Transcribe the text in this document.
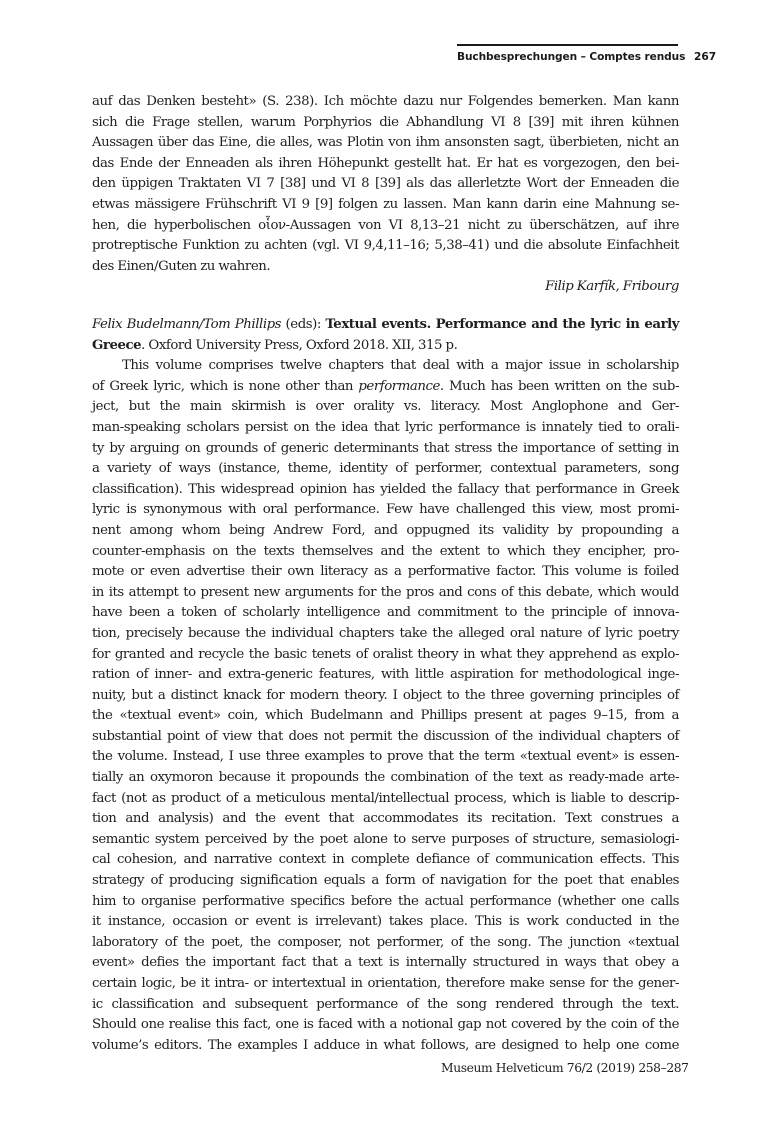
Buchbesprechungen – Comptes rendus 267
auf das Denken besteht» (S. 238). Ich möchte dazu nur Folgendes bemerken. Man kann
sich die Frage stellen, warum Porphyrios die Abhandlung VI 8 [39] mit ihren kühnen
Aussagen über das Eine, die alles, was Plotin von ihm ansonsten sagt, überbieten, nicht an
das Ende der Enneaden als ihren Höhepunkt gestellt hat. Er hat es vorgezogen, den bei-
den üppigen Traktaten VI 7 [38] und VI 8 [39] als das allerletzte Wort der Enneaden die
etwas mässigere Frühschrift VI 9 [9] folgen zu lassen. Man kann darin eine Mahnung se-
hen, die hyperbolischen οἷον-Aussagen von VI 8,13–21 nicht zu überschätzen, auf ihre
protreptische Funktion zu achten (vgl. VI 9,4,11–16; 5,38–41) und die absolute Einfachheit
des Einen/Guten zu wahren.
Filip Karfík, Fribourg
Felix Budelmann/Tom Phillips (eds): Textual events. Performance and the lyric in early
Greece. Oxford University Press, Oxford 2018. XII, 315 p.
This volume comprises twelve chapters that deal with a major issue in scholarship
of Greek lyric, which is none other than performance. Much has been written on the sub-
ject, but the main skirmish is over orality vs. literacy. Most Anglophone and Ger-
man-speaking scholars persist on the idea that lyric performance is innately tied to orali-
ty by arguing on grounds of generic determinants that stress the importance of setting in
a variety of ways (instance, theme, identity of performer, contextual parameters, song
classification). This widespread opinion has yielded the fallacy that performance in Greek
lyric is synonymous with oral performance. Few have challenged this view, most promi-
nent among whom being Andrew Ford, and oppugned its validity by propounding a
counter-emphasis on the texts themselves and the extent to which they encipher, pro-
mote or even advertise their own literacy as a performative factor. This volume is foiled
in its attempt to present new arguments for the pros and cons of this debate, which would
have been a token of scholarly intelligence and commitment to the principle of innova-
tion, precisely because the individual chapters take the alleged oral nature of lyric poetry
for granted and recycle the basic tenets of oralist theory in what they apprehend as explo-
ration of inner- and extra-generic features, with little aspiration for methodological inge-
nuity, but a distinct knack for modern theory. I object to the three governing principles of
the «textual event» coin, which Budelmann and Phillips present at pages 9–15, from a
substantial point of view that does not permit the discussion of the individual chapters of
the volume. Instead, I use three examples to prove that the term «textual event» is essen-
tially an oxymoron because it propounds the combination of the text as ready-made arte-
fact (not as product of a meticulous mental/intellectual process, which is liable to descrip-
tion and analysis) and the event that accommodates its recitation. Text construes a
semantic system perceived by the poet alone to serve purposes of structure, semasiologi-
cal cohesion, and narrative context in complete defiance of communication effects. This
strategy of producing signification equals a form of navigation for the poet that enables
him to organise performative specifics before the actual performance (whether one calls
it instance, occasion or event is irrelevant) takes place. This is work conducted in the
laboratory of the poet, the composer, not performer, of the song. The junction «textual
event» defies the important fact that a text is internally structured in ways that obey a
certain logic, be it intra- or intertextual in orientation, therefore make sense for the gener-
ic classification and subsequent performance of the song rendered through the text.
Should one realise this fact, one is faced with a notional gap not covered by the coin of the
volume’s editors. The examples I adduce in what follows, are designed to help one come
Museum Helveticum 76/2 (2019) 258–287
